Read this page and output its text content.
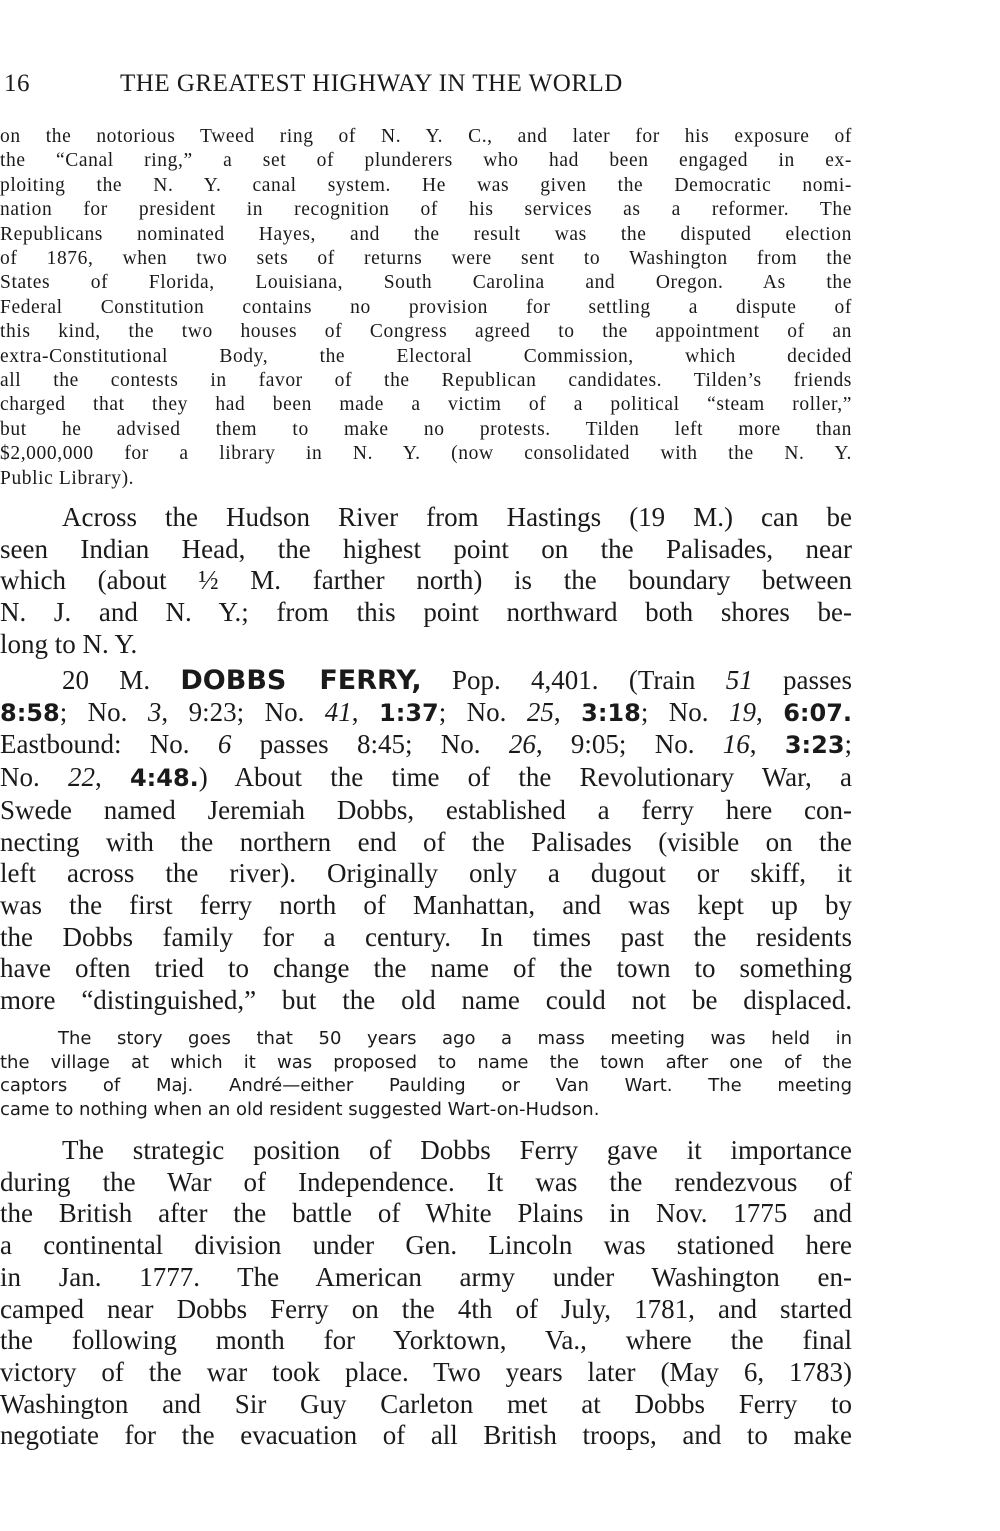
16	THE GREATEST HIGHWAY IN THE WORLD
on the notorious Tweed ring of N. Y. C., and later for his exposure of
the “Canal ring,” a set of plunderers who had been engaged in ex-
ploiting the N. Y. canal system. He was given the Democratic nomi-
nation for president in recognition of his services as a reformer. The
Republicans nominated Hayes, and the result was the disputed election
of 1876, when two sets of returns were sent to Washington from the
States of Florida, Louisiana, South Carolina and Oregon. As the
Federal Constitution contains no provision for settling a dispute of
this kind, the two houses of Congress agreed to the appointment of an
extra-Constitutional Body, the Electoral Commission, which decided
all the contests in favor of the Republican candidates. Tilden’s friends
charged that they had been made a victim of a political “steam roller,”
but he advised them to make no protests. Tilden left more than
$2,000,000 for a library in N. Y. (now consolidated with the N. Y.
Public Library).
Across the Hudson River from Hastings (19 M.) can be
seen Indian Head, the highest point on the Palisades, near
which (about ½ M. farther north) is the boundary between
N. J. and N. Y.; from this point northward both shores be-
long to N. Y.
20 M. DOBBS FERRY, Pop. 4,401. (Train 51 passes
8:58; No. 3, 9:23; No. 41, 1:37; No. 25, 3:18; No. 19, 6:07.
Eastbound: No. 6 passes 8:45; No. 26, 9:05; No. 16, 3:23;
No. 22, 4:48.) About the time of the Revolutionary War, a
Swede named Jeremiah Dobbs, established a ferry here con-
necting with the northern end of the Palisades (visible on the
left across the river). Originally only a dugout or skiff, it
was the first ferry north of Manhattan, and was kept up by
the Dobbs family for a century. In times past the residents
have often tried to change the name of the town to something
more “distinguished,” but the old name could not be displaced.
The story goes that 50 years ago a mass meeting was held in
the village at which it was proposed to name the town after one of the
captors of Maj. André—either Paulding or Van Wart. The meeting
came to nothing when an old resident suggested Wart-on-Hudson.
The strategic position of Dobbs Ferry gave it importance
during the War of Independence. It was the rendezvous of
the British after the battle of White Plains in Nov. 1775 and
a continental division under Gen. Lincoln was stationed here
in Jan. 1777. The American army under Washington en-
camped near Dobbs Ferry on the 4th of July, 1781, and started
the following month for Yorktown, Va., where the final
victory of the war took place. Two years later (May 6, 1783)
Washington and Sir Guy Carleton met at Dobbs Ferry to
negotiate for the evacuation of all British troops, and to make
